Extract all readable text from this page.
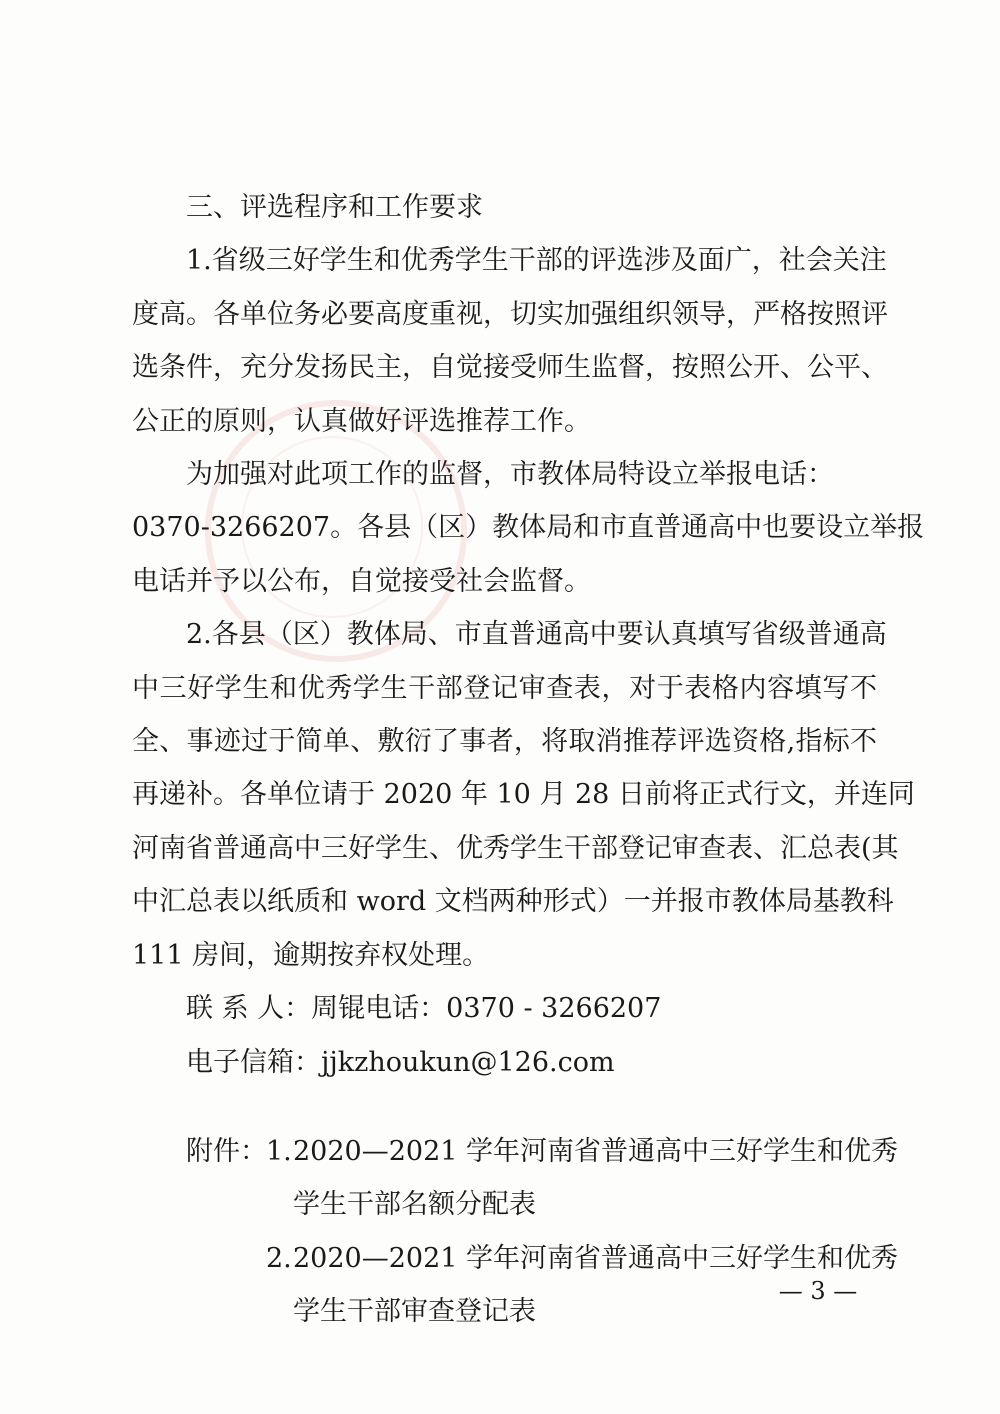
三、评选程序和工作要求

1.省级三好学生和优秀学生干部的评选涉及面广，社会关注
度高。各单位务必要高度重视，切实加强组织领导，严格按照评
选条件，充分发扬民主，自觉接受师生监督，按照公开、公平、
公正的原则，认真做好评选推荐工作。

为加强对此项工作的监督，市教体局特设立举报电话：
0370-3266207。各县（区）教体局和市直普通高中也要设立举报
电话并予以公布，自觉接受社会监督。

2.各县（区）教体局、市直普通高中要认真填写省级普通高
中三好学生和优秀学生干部登记审查表，对于表格内容填写不
全、事迹过于简单、敷衍了事者，将取消推荐评选资格,指标不
再递补。各单位请于 2020 年 10 月 28 日前将正式行文，并连同
河南省普通高中三好学生、优秀学生干部登记审查表、汇总表(其
中汇总表以纸质和 word 文档两种形式）一并报市教体局基教科
111 房间，逾期按弃权处理。

联 系 人：周锟电话：0370 - 3266207

电子信箱：jjkzhoukun@126.com

附件： 1. 2020—2021 学年河南省普通高中三好学生和优秀
学生干部名额分配表
2. 2020—2021 学年河南省普通高中三好学生和优秀
学生干部审查登记表
— 3 —
